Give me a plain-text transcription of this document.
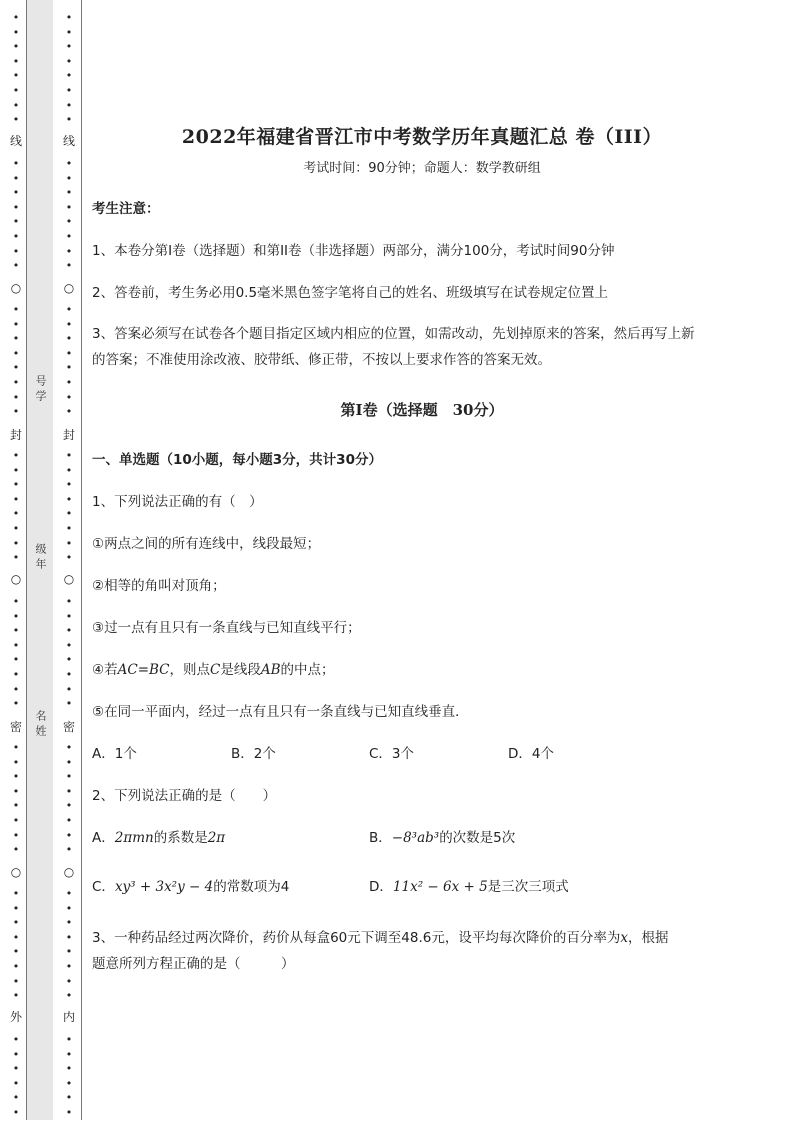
•
•
•
•
•
•
•
•
•
•
•
•
•
•
•
•
•
•
•
•
•
•
•
•
•
•
•
•
•
•
•
•
•
•
•
•
•
•
•
•
•
•
•
•
•
•
•
•
•
•
•
•
•
•
•
•
•
•
•
•
•
•
线
○
封
○
密
○
外
•
•
•
•
•
•
•
•
•
•
•
•
•
•
•
•
•
•
•
•
•
•
•
•
•
•
•
•
•
•
•
•
•
•
•
•
•
•
•
•
•
•
•
•
•
•
•
•
•
•
•
•
•
•
•
•
•
•
•
•
•
•
线
○
封
○
密
○
内
号学
级年
名姓
2022年福建省晋江市中考数学历年真题汇总 卷（III）
考试时间：90分钟；命题人：数学教研组
考生注意：
1、本卷分第I卷（选择题）和第II卷（非选择题）两部分，满分100分，考试时间90分钟
2、答卷前，考生务必用0.5毫米黑色签字笔将自己的姓名、班级填写在试卷规定位置上
3、答案必须写在试卷各个题目指定区域内相应的位置，如需改动，先划掉原来的答案，然后再写上新
的答案；不准使用涂改液、胶带纸、修正带，不按以上要求作答的答案无效。
第I卷（选择题　30分）
一、单选题（10小题，每小题3分，共计30分）
1、下列说法正确的有（　）
①两点之间的所有连线中，线段最短；
②相等的角叫对顶角；
③过一点有且只有一条直线与已知直线平行；
④若AC=BC，则点C是线段AB的中点；
⑤在同一平面内，经过一点有且只有一条直线与已知直线垂直．
A．1个	B．2个	C．3个	D．4个
2、下列说法正确的是（　　）
A．2πmn的系数是2π	B．−8³ab³的次数是5次
C．xy³ + 3x²y − 4的常数项为4	D．11x² − 6x + 5是三次三项式
3、一种药品经过两次降价，药价从每盒60元下调至48.6元，设平均每次降价的百分率为x，根据
题意所列方程正确的是（　　　）
